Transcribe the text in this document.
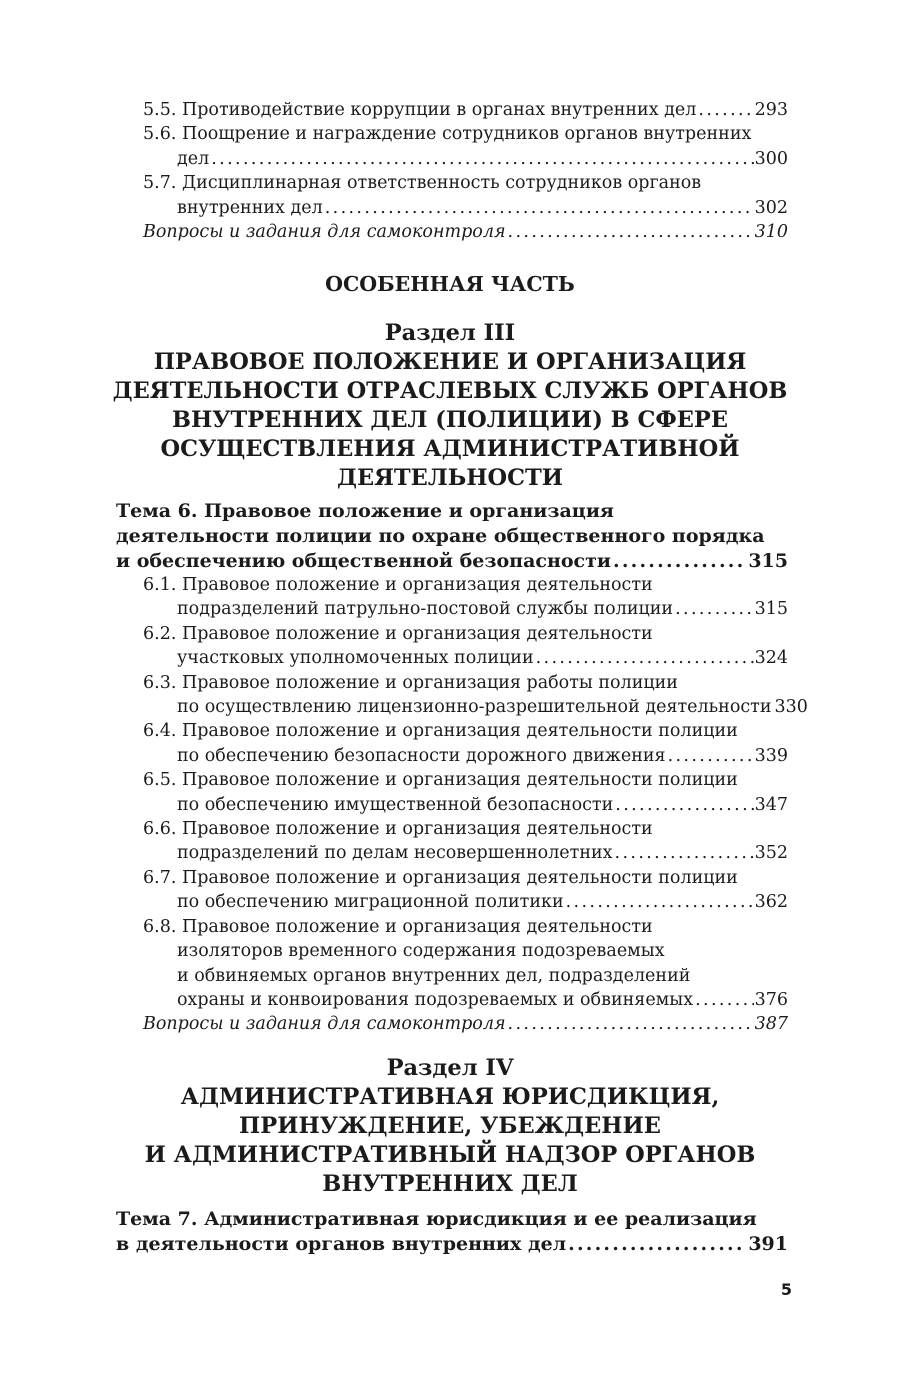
5.5. Противодействие коррупции в органах внутренних дел . . .	293
5.6. Поощрение и награждение сотрудников органов внутренних
дел . . .	300
5.7. Дисциплинарная ответственность сотрудников органов
внутренних дел . . .	302
Вопросы и задания для самоконтроля . . .	310
ОСОБЕННАЯ ЧАСТЬ
Раздел III
ПРАВОВОЕ ПОЛОЖЕНИЕ И ОРГАНИЗАЦИЯ
ДЕЯТЕЛЬНОСТИ ОТРАСЛЕВЫХ СЛУЖБ ОРГАНОВ
ВНУТРЕННИХ ДЕЛ (ПОЛИЦИИ) В СФЕРЕ
ОСУЩЕСТВЛЕНИЯ АДМИНИСТРАТИВНОЙ
ДЕЯТЕЛЬНОСТИ
Тема 6. Правовое положение и организация
деятельности полиции по охране общественного порядка
и обеспечению общественной безопасности . . .	315
6.1. Правовое положение и организация деятельности
подразделений патрульно-постовой службы полиции . . .	315
6.2. Правовое положение и организация деятельности
участковых уполномоченных полиции . . .	324
6.3. Правовое положение и организация работы полиции
по осуществлению лицензионно-разрешительной деятельности 330
6.4. Правовое положение и организация деятельности полиции
по обеспечению безопасности дорожного движения . . .	339
6.5. Правовое положение и организация деятельности полиции
по обеспечению имущественной безопасности . . .	347
6.6. Правовое положение и организация деятельности
подразделений по делам несовершеннолетних . . .	352
6.7. Правовое положение и организация деятельности полиции
по обеспечению миграционной политики . . .	362
6.8. Правовое положение и организация деятельности
изоляторов временного содержания подозреваемых
и обвиняемых органов внутренних дел, подразделений
охраны и конвоирования подозреваемых и обвиняемых . . .	376
Вопросы и задания для самоконтроля . . .	387
Раздел IV
АДМИНИСТРАТИВНАЯ ЮРИСДИКЦИЯ,
ПРИНУЖДЕНИЕ, УБЕЖДЕНИЕ
И АДМИНИСТРАТИВНЫЙ НАДЗОР ОРГАНОВ
ВНУТРЕННИХ ДЕЛ
Тема 7. Административная юрисдикция и ее реализация
в деятельности органов внутренних дел . . .	391
5
